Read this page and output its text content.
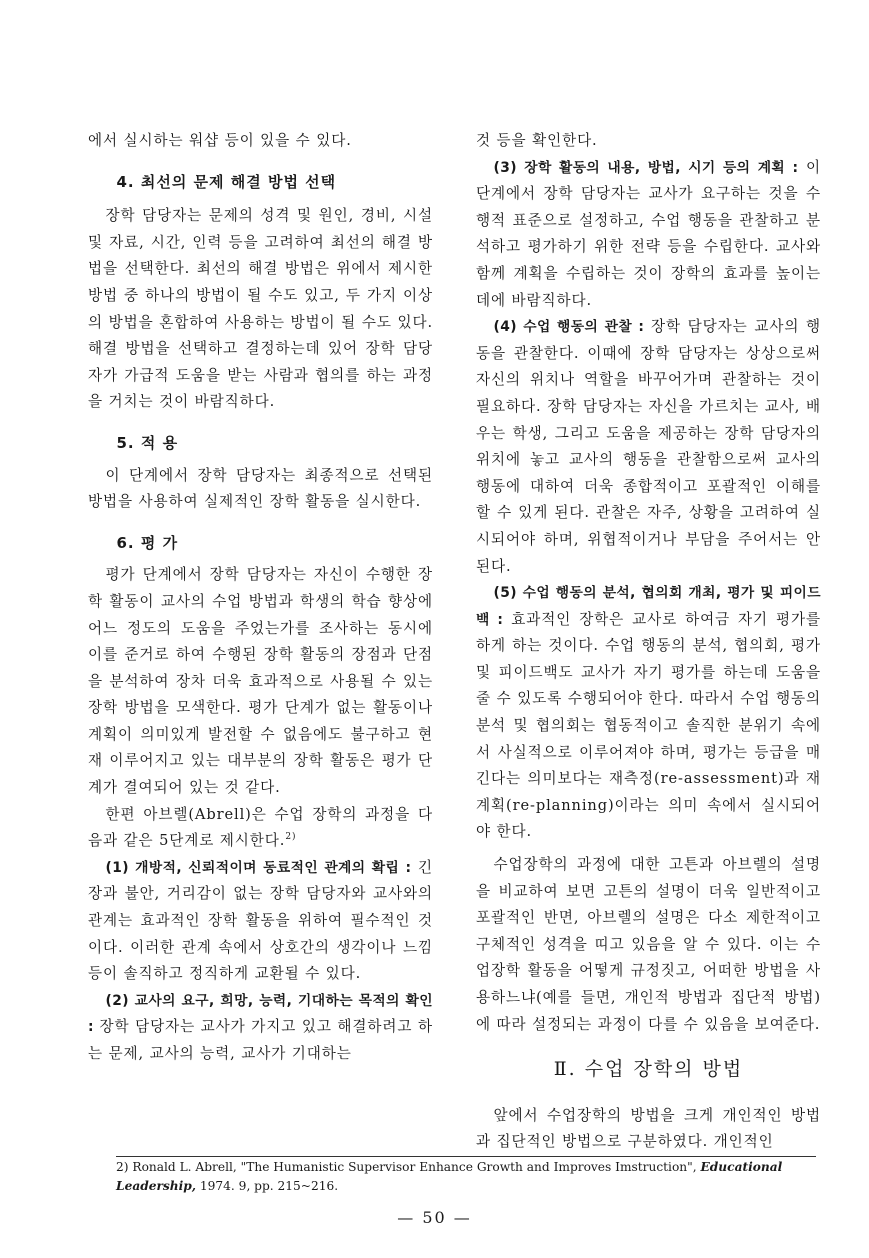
에서 실시하는 워샵 등이 있을 수 있다.

4. 최선의 문제 해결 방법 선택

장학 담당자는 문제의 성격 및 원인, 경비, 시설 및 자료, 시간, 인력 등을 고려하여 최선의 해결 방법을 선택한다. 최선의 해결 방법은 위에서 제시한 방법 중 하나의 방법이 될 수도 있고, 두 가지 이상의 방법을 혼합하여 사용하는 방법이 될 수도 있다. 해결 방법을 선택하고 결정하는데 있어 장학 담당자가 가급적 도움을 받는 사람과 협의를 하는 과정을 거치는 것이 바람직하다.

5. 적 용

이 단계에서 장학 담당자는 최종적으로 선택된 방법을 사용하여 실제적인 장학 활동을 실시한다.

6. 평 가

평가 단계에서 장학 담당자는 자신이 수행한 장학 활동이 교사의 수업 방법과 학생의 학습 향상에 어느 정도의 도움을 주었는가를 조사하는 동시에 이를 준거로 하여 수행된 장학 활동의 장점과 단점을 분석하여 장차 더욱 효과적으로 사용될 수 있는 장학 방법을 모색한다. 평가 단계가 없는 활동이나 계획이 의미있게 발전할 수 없음에도 불구하고 현재 이루어지고 있는 대부분의 장학 활동은 평가 단계가 결여되어 있는 것 같다.

한편 아브렐(Abrell)은 수업 장학의 과정을 다음과 같은 5단계로 제시한다.$^{2)}$

(1) 개방적, 신뢰적이며 동료적인 관계의 확립 : 긴장과 불안, 거리감이 없는 장학 담당자와 교사와의 관계는 효과적인 장학 활동을 위하여 필수적인 것이다. 이러한 관계 속에서 상호간의 생각이나 느낌 등이 솔직하고 정직하게 교환될 수 있다.

(2) 교사의 요구, 희망, 능력, 기대하는 목적의 확인 : 장학 담당자는 교사가 가지고 있고 해결하려고 하는 문제, 교사의 능력, 교사가 기대하는

것 등을 확인한다.

(3) 장학 활동의 내용, 방법, 시기 등의 계획 : 이 단계에서 장학 담당자는 교사가 요구하는 것을 수행적 표준으로 설정하고, 수업 행동을 관찰하고 분석하고 평가하기 위한 전략 등을 수립한다. 교사와 함께 계획을 수립하는 것이 장학의 효과를 높이는 데에 바람직하다.

(4) 수업 행동의 관찰 : 장학 담당자는 교사의 행동을 관찰한다. 이때에 장학 담당자는 상상으로써 자신의 위치나 역할을 바꾸어가며 관찰하는 것이 필요하다. 장학 담당자는 자신을 가르치는 교사, 배우는 학생, 그리고 도움을 제공하는 장학 담당자의 위치에 놓고 교사의 행동을 관찰함으로써 교사의 행동에 대하여 더욱 종합적이고 포괄적인 이해를 할 수 있게 된다. 관찰은 자주, 상황을 고려하여 실시되어야 하며, 위협적이거나 부담을 주어서는 안된다.

(5) 수업 행동의 분석, 협의회 개최, 평가 및 피이드백 : 효과적인 장학은 교사로 하여금 자기 평가를 하게 하는 것이다. 수업 행동의 분석, 협의회, 평가 및 피이드백도 교사가 자기 평가를 하는데 도움을 줄 수 있도록 수행되어야 한다. 따라서 수업 행동의 분석 및 협의회는 협동적이고 솔직한 분위기 속에서 사실적으로 이루어져야 하며, 평가는 등급을 매긴다는 의미보다는 재측정(re-assessment)과 재계획(re-planning)이라는 의미 속에서 실시되어야 한다.

수업장학의 과정에 대한 고튼과 아브렐의 설명을 비교하여 보면 고튼의 설명이 더욱 일반적이고 포괄적인 반면, 아브렐의 설명은 다소 제한적이고 구체적인 성격을 띠고 있음을 알 수 있다. 이는 수업장학 활동을 어떻게 규정짓고, 어떠한 방법을 사용하느냐(예를 들면, 개인적 방법과 집단적 방법)에 따라 설정되는 과정이 다를 수 있음을 보여준다.

Ⅱ. 수업 장학의 방법

앞에서 수업장학의 방법을 크게 개인적인 방법과 집단적인 방법으로 구분하였다. 개인적인

2) Ronald L. Abrell, "The Humanistic Supervisor Enhance Growth and Improves Imstruction", Educational Leadership, 1974. 9, pp. 215~216.
— 50 —
